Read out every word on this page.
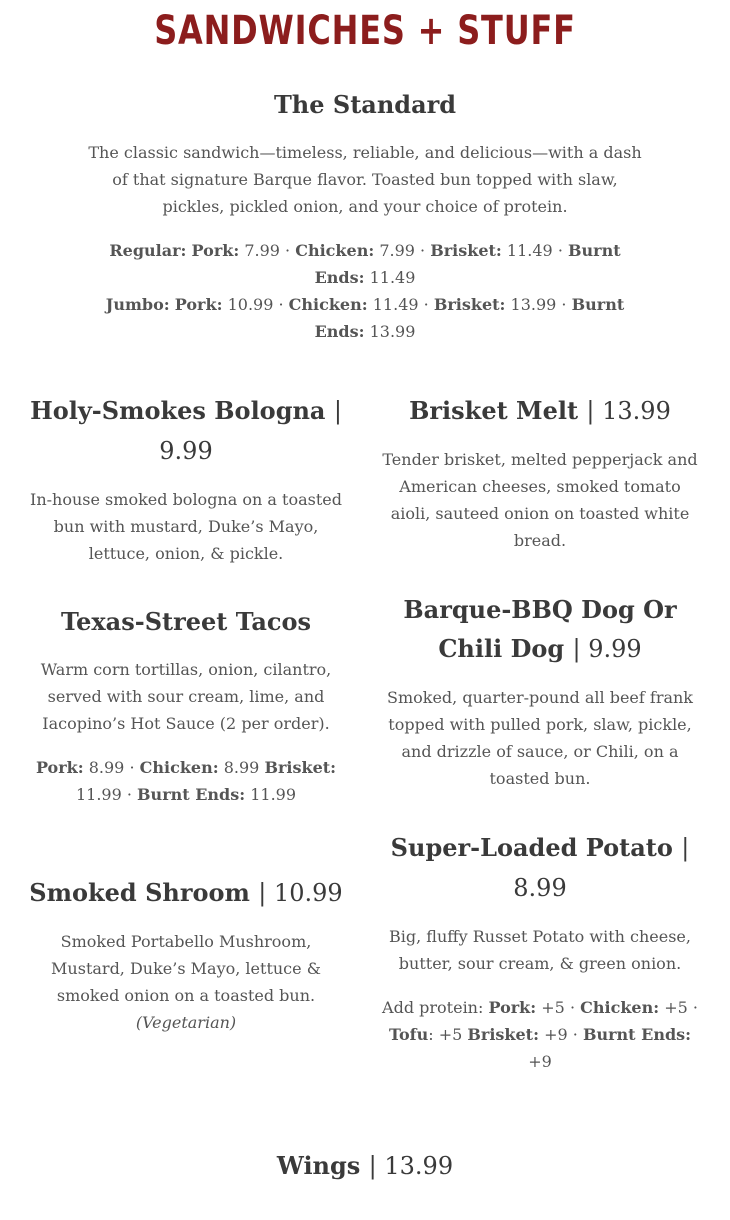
SANDWICHES + STUFF
The Standard
The classic sandwich—timeless, reliable, and delicious—with a dash of that signature Barque flavor. Toasted bun topped with slaw, pickles, pickled onion, and your choice of protein.
Regular: Pork: 7.99 · Chicken: 7.99 · Brisket: 11.49 · Burnt Ends: 11.49
Jumbo: Pork: 10.99 · Chicken: 11.49 · Brisket: 13.99 · Burnt Ends: 13.99
Holy-Smokes Bologna | 9.99
In-house smoked bologna on a toasted bun with mustard, Duke’s Mayo, lettuce, onion, & pickle.
Texas-Street Tacos
Warm corn tortillas, onion, cilantro, served with sour cream, lime, and Iacopino’s Hot Sauce (2 per order).
Pork: 8.99 · Chicken: 8.99 Brisket: 11.99 · Burnt Ends: 11.99
Smoked Shroom | 10.99
Smoked Portabello Mushroom, Mustard, Duke’s Mayo, lettuce & smoked onion on a toasted bun. (Vegetarian)
Brisket Melt | 13.99
Tender brisket, melted pepperjack and American cheeses, smoked tomato aioli, sauteed onion on toasted white bread.
Barque-BBQ Dog Or Chili Dog | 9.99
Smoked, quarter-pound all beef frank topped with pulled pork, slaw, pickle, and drizzle of sauce, or Chili, on a toasted bun.
Super-Loaded Potato | 8.99
Big, fluffy Russet Potato with cheese, butter, sour cream, & green onion.
Add protein: Pork: +5 · Chicken: +5 · Tofu: +5 Brisket: +9 · Burnt Ends: +9
Wings | 13.99
